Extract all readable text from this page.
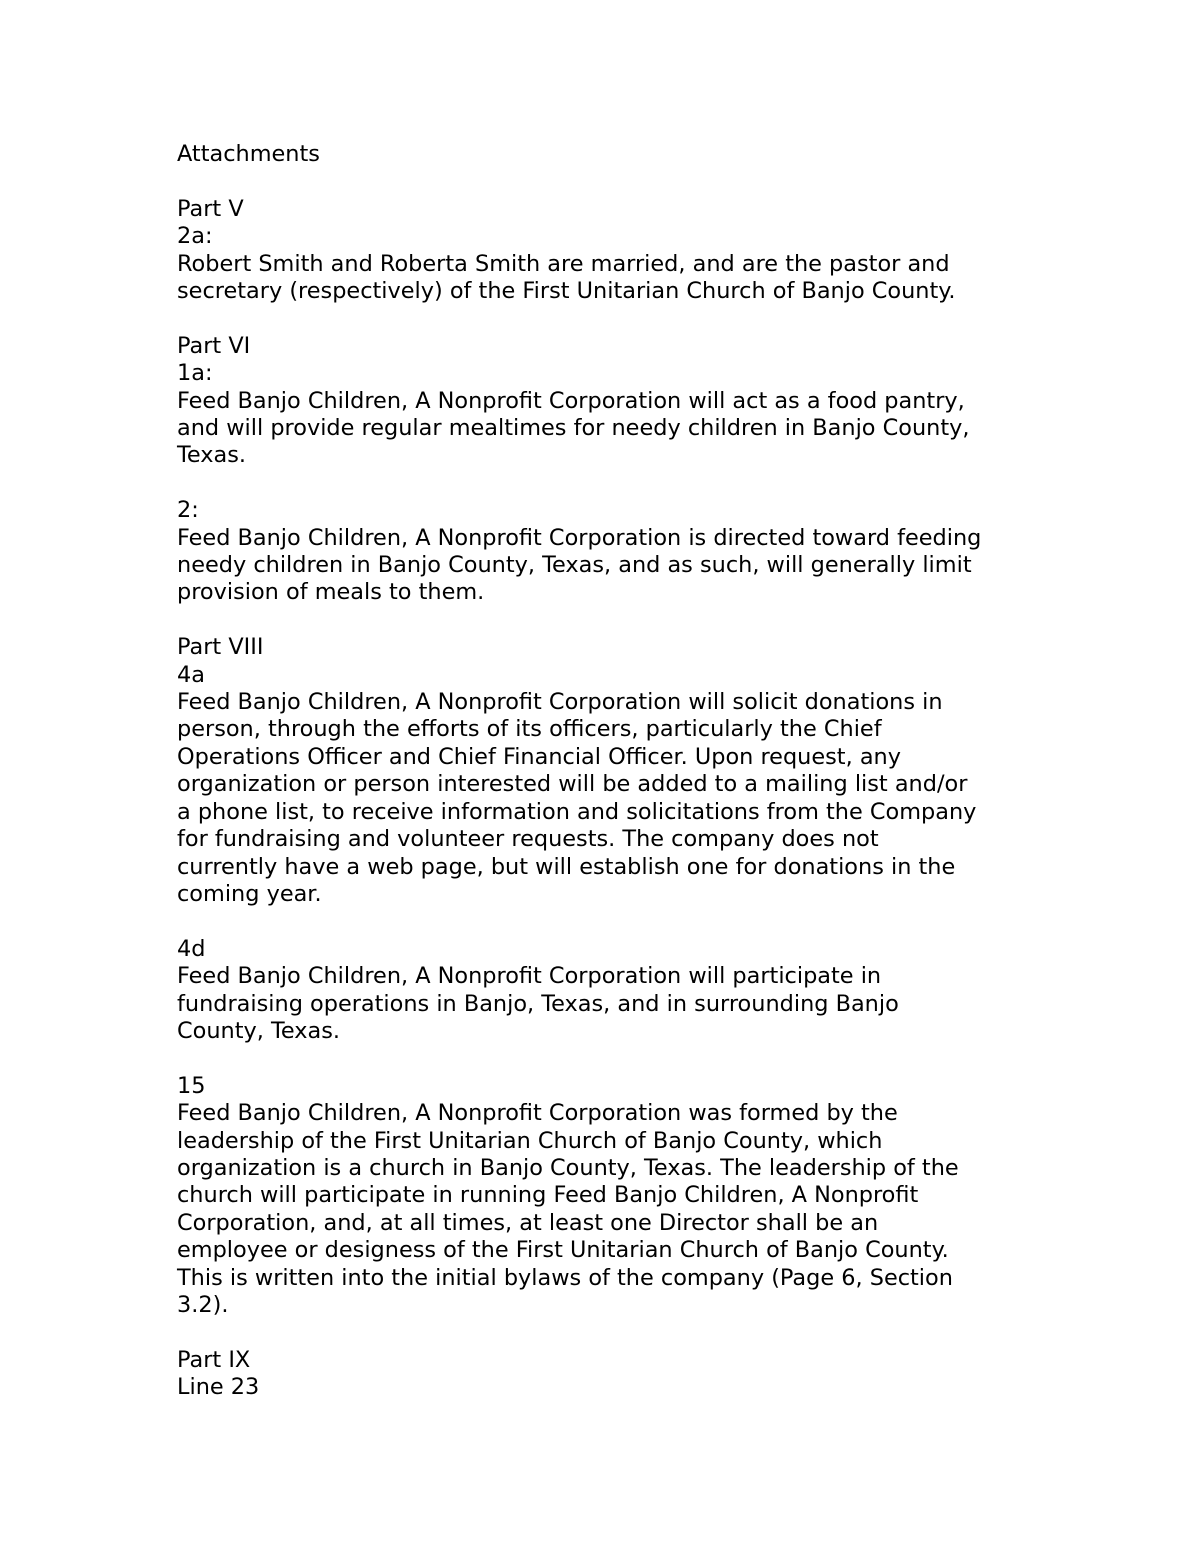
Attachments
Part V
2a:
Robert Smith and Roberta Smith are married, and are the pastor and
secretary (respectively) of the First Unitarian Church of Banjo County.
Part VI
1a:
Feed Banjo Children, A Nonprofit Corporation will act as a food pantry,
and will provide regular mealtimes for needy children in Banjo County,
Texas.
2:
Feed Banjo Children, A Nonprofit Corporation is directed toward feeding
needy children in Banjo County, Texas, and as such, will generally limit
provision of meals to them.
Part VIII
4a
Feed Banjo Children, A Nonprofit Corporation will solicit donations in
person, through the efforts of its officers, particularly the Chief
Operations Officer and Chief Financial Officer. Upon request, any
organization or person interested will be added to a mailing list and/or
a phone list, to receive information and solicitations from the Company
for fundraising and volunteer requests. The company does not
currently have a web page, but will establish one for donations in the
coming year.
4d
Feed Banjo Children, A Nonprofit Corporation will participate in
fundraising operations in Banjo, Texas, and in surrounding Banjo
County, Texas.
15
Feed Banjo Children, A Nonprofit Corporation was formed by the
leadership of the First Unitarian Church of Banjo County, which
organization is a church in Banjo County, Texas. The leadership of the
church will participate in running Feed Banjo Children, A Nonprofit
Corporation, and, at all times, at least one Director shall be an
employee or designess of the First Unitarian Church of Banjo County.
This is written into the initial bylaws of the company (Page 6, Section
3.2).
Part IX
Line 23
